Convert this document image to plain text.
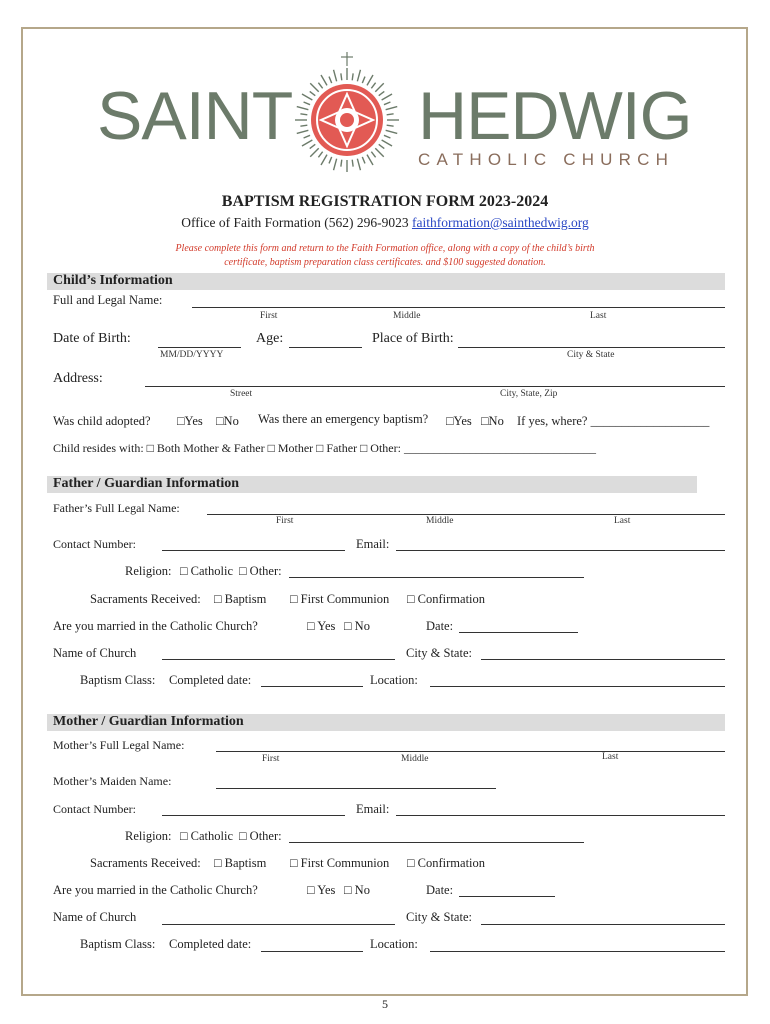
SAINT HEDWIG
CATHOLIC CHURCH
BAPTISM REGISTRATION FORM 2023-2024
Office of Faith Formation (562) 296-9023 faithformation@sainthedwig.org
Please complete this form and return to the Faith Formation office, along with a copy of the child’s birth
certificate, baptism preparation class certificates. and $100 suggested donation.
Child’s Information
Full and Legal Name:
First	Middle	Last
Date of Birth:
MM/DD/YYYY
Age:	Place of Birth:
City & State
Address:
Street	City, State, Zip
Was child adopted? □Yes □No Was there an emergency baptism? □Yes □No If yes, where? ___________________
Child resides with: □ Both Mother & Father □ Mother □ Father □ Other: ________________________________
Father / Guardian Information
Father’s Full Legal Name:
First	Middle	Last
Contact Number:	Email:
Religion: □ Catholic □ Other:
Sacraments Received: □ Baptism □ First Communion □ Confirmation
Are you married in the Catholic Church?	□ Yes □ No	Date:
Name of Church	City & State:
Baptism Class: Completed date:	Location:
Mother / Guardian Information
Mother’s Full Legal Name:
First	Middle	Last
Mother’s Maiden Name:
Contact Number:	Email:
Religion: □ Catholic □ Other:
Sacraments Received: □ Baptism □ First Communion □ Confirmation
Are you married in the Catholic Church?	□ Yes □ No	Date:
Name of Church	City & State:
Baptism Class: Completed date:	Location:
5
